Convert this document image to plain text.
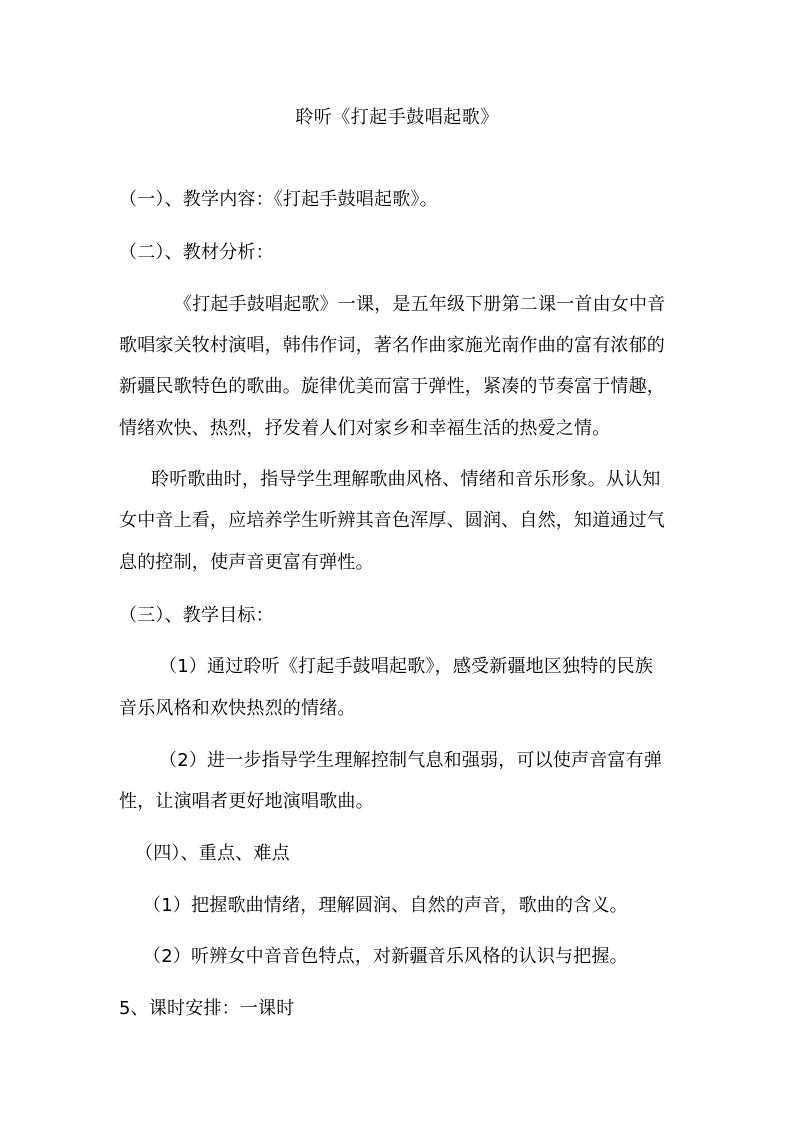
聆听《打起手鼓唱起歌》
（一）、教学内容：《打起手鼓唱起歌》。
（二）、教材分析：
《打起手鼓唱起歌》一课，是五年级下册第二课一首由女中音
歌唱家关牧村演唱，韩伟作词，著名作曲家施光南作曲的富有浓郁的
新疆民歌特色的歌曲。旋律优美而富于弹性，紧凑的节奏富于情趣，
情绪欢快、热烈，抒发着人们对家乡和幸福生活的热爱之情。
聆听歌曲时，指导学生理解歌曲风格、情绪和音乐形象。从认知
女中音上看，应培养学生听辨其音色浑厚、圆润、自然，知道通过气
息的控制，使声音更富有弹性。
（三）、教学目标：
（1）通过聆听《打起手鼓唱起歌》，感受新疆地区独特的民族
音乐风格和欢快热烈的情绪。
（2）进一步指导学生理解控制气息和强弱，可以使声音富有弹
性，让演唱者更好地演唱歌曲。
（四）、重点、难点
（1）把握歌曲情绪，理解圆润、自然的声音，歌曲的含义。
（2）听辨女中音音色特点，对新疆音乐风格的认识与把握。
5、课时安排：一课时
